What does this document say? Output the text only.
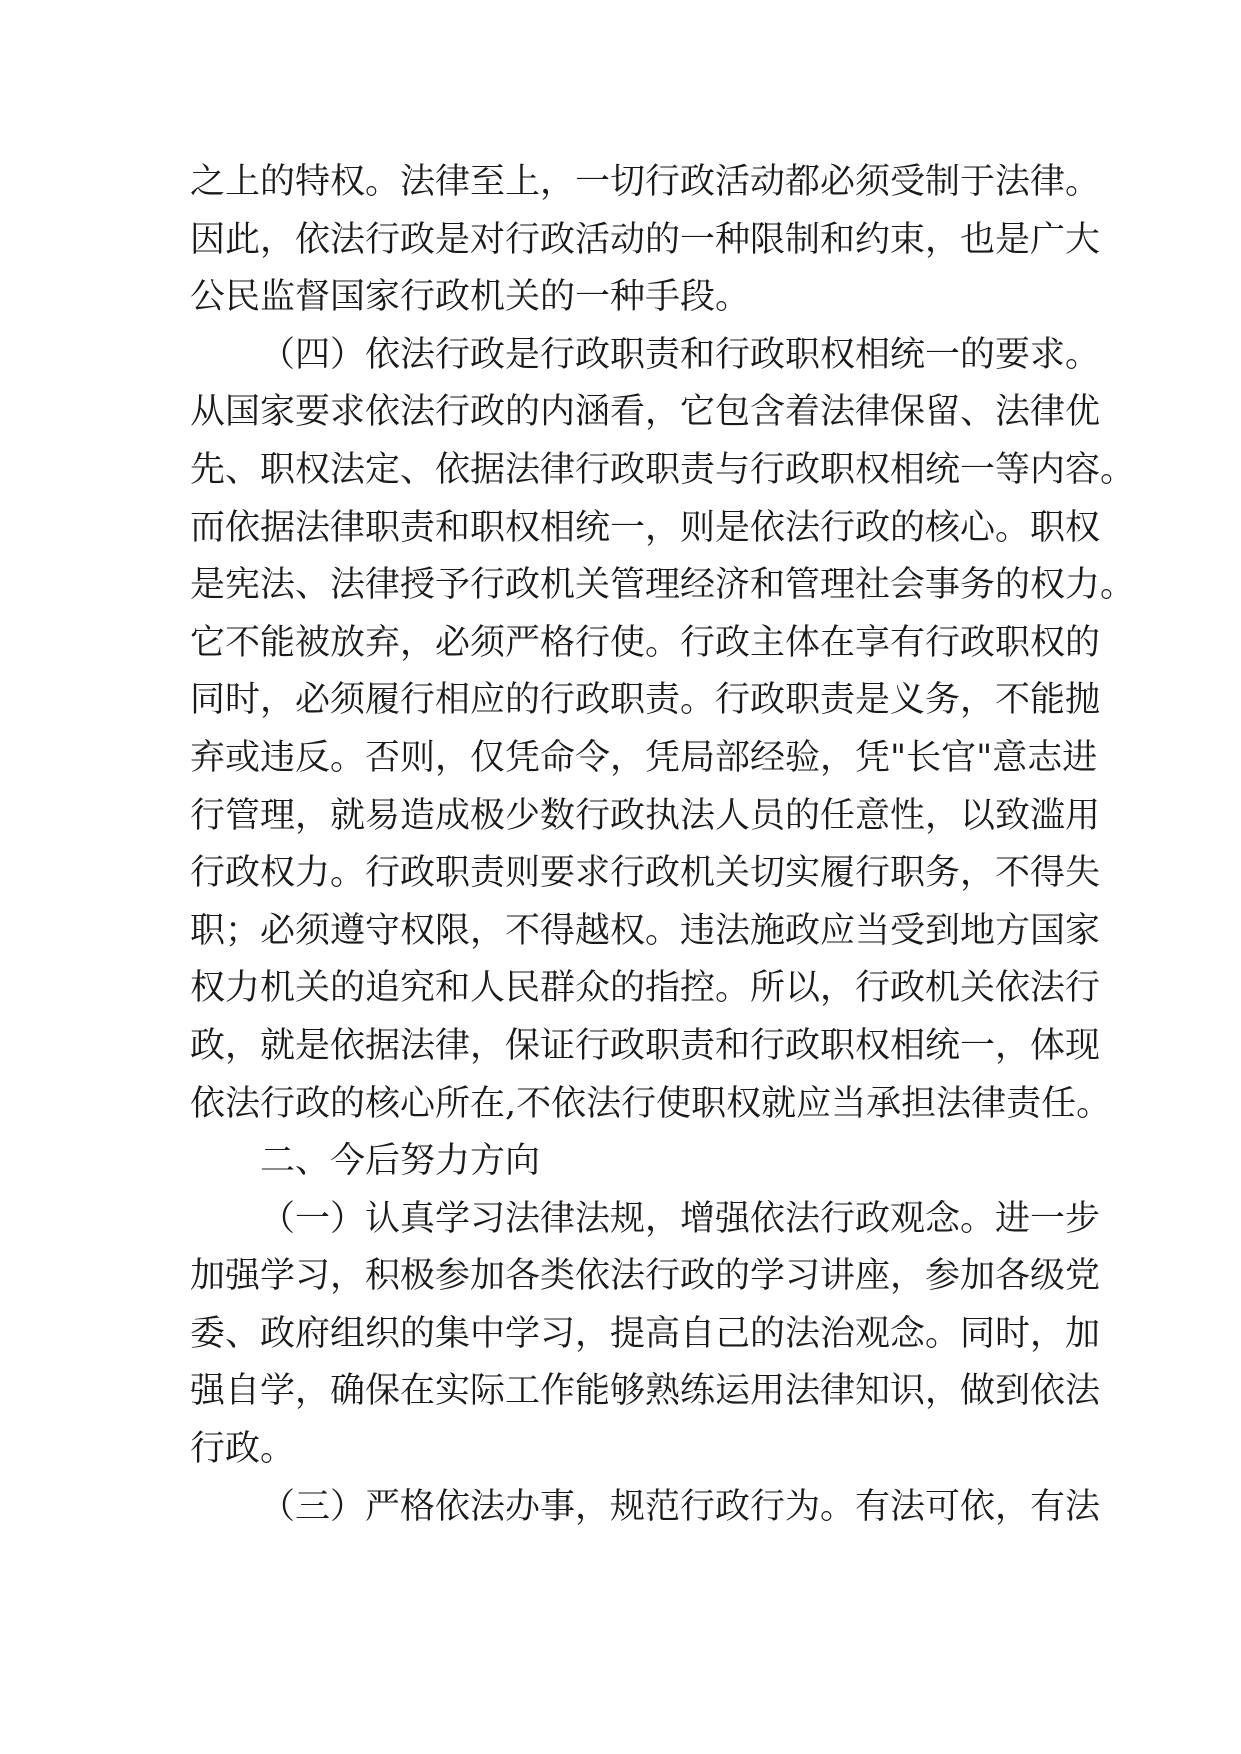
之上的特权。法律至上，一切行政活动都必须受制于法律。
因此，依法行政是对行政活动的一种限制和约束，也是广大
公民监督国家行政机关的一种手段。
（四）依法行政是行政职责和行政职权相统一的要求。
从国家要求依法行政的内涵看，它包含着法律保留、法律优
先、职权法定、依据法律行政职责与行政职权相统一等内容。
而依据法律职责和职权相统一，则是依法行政的核心。职权
是宪法、法律授予行政机关管理经济和管理社会事务的权力。
它不能被放弃，必须严格行使。行政主体在享有行政职权的
同时，必须履行相应的行政职责。行政职责是义务，不能抛
弃或违反。否则，仅凭命令，凭局部经验，凭"长官"意志进
行管理，就易造成极少数行政执法人员的任意性，以致滥用
行政权力。行政职责则要求行政机关切实履行职务，不得失
职；必须遵守权限，不得越权。违法施政应当受到地方国家
权力机关的追究和人民群众的指控。所以，行政机关依法行
政，就是依据法律，保证行政职责和行政职权相统一，体现
依法行政的核心所在,不依法行使职权就应当承担法律责任。
二、今后努力方向
（一）认真学习法律法规，增强依法行政观念。进一步
加强学习，积极参加各类依法行政的学习讲座，参加各级党
委、政府组织的集中学习，提高自己的法治观念。同时，加
强自学，确保在实际工作能够熟练运用法律知识，做到依法
行政。
（三）严格依法办事，规范行政行为。有法可依，有法
